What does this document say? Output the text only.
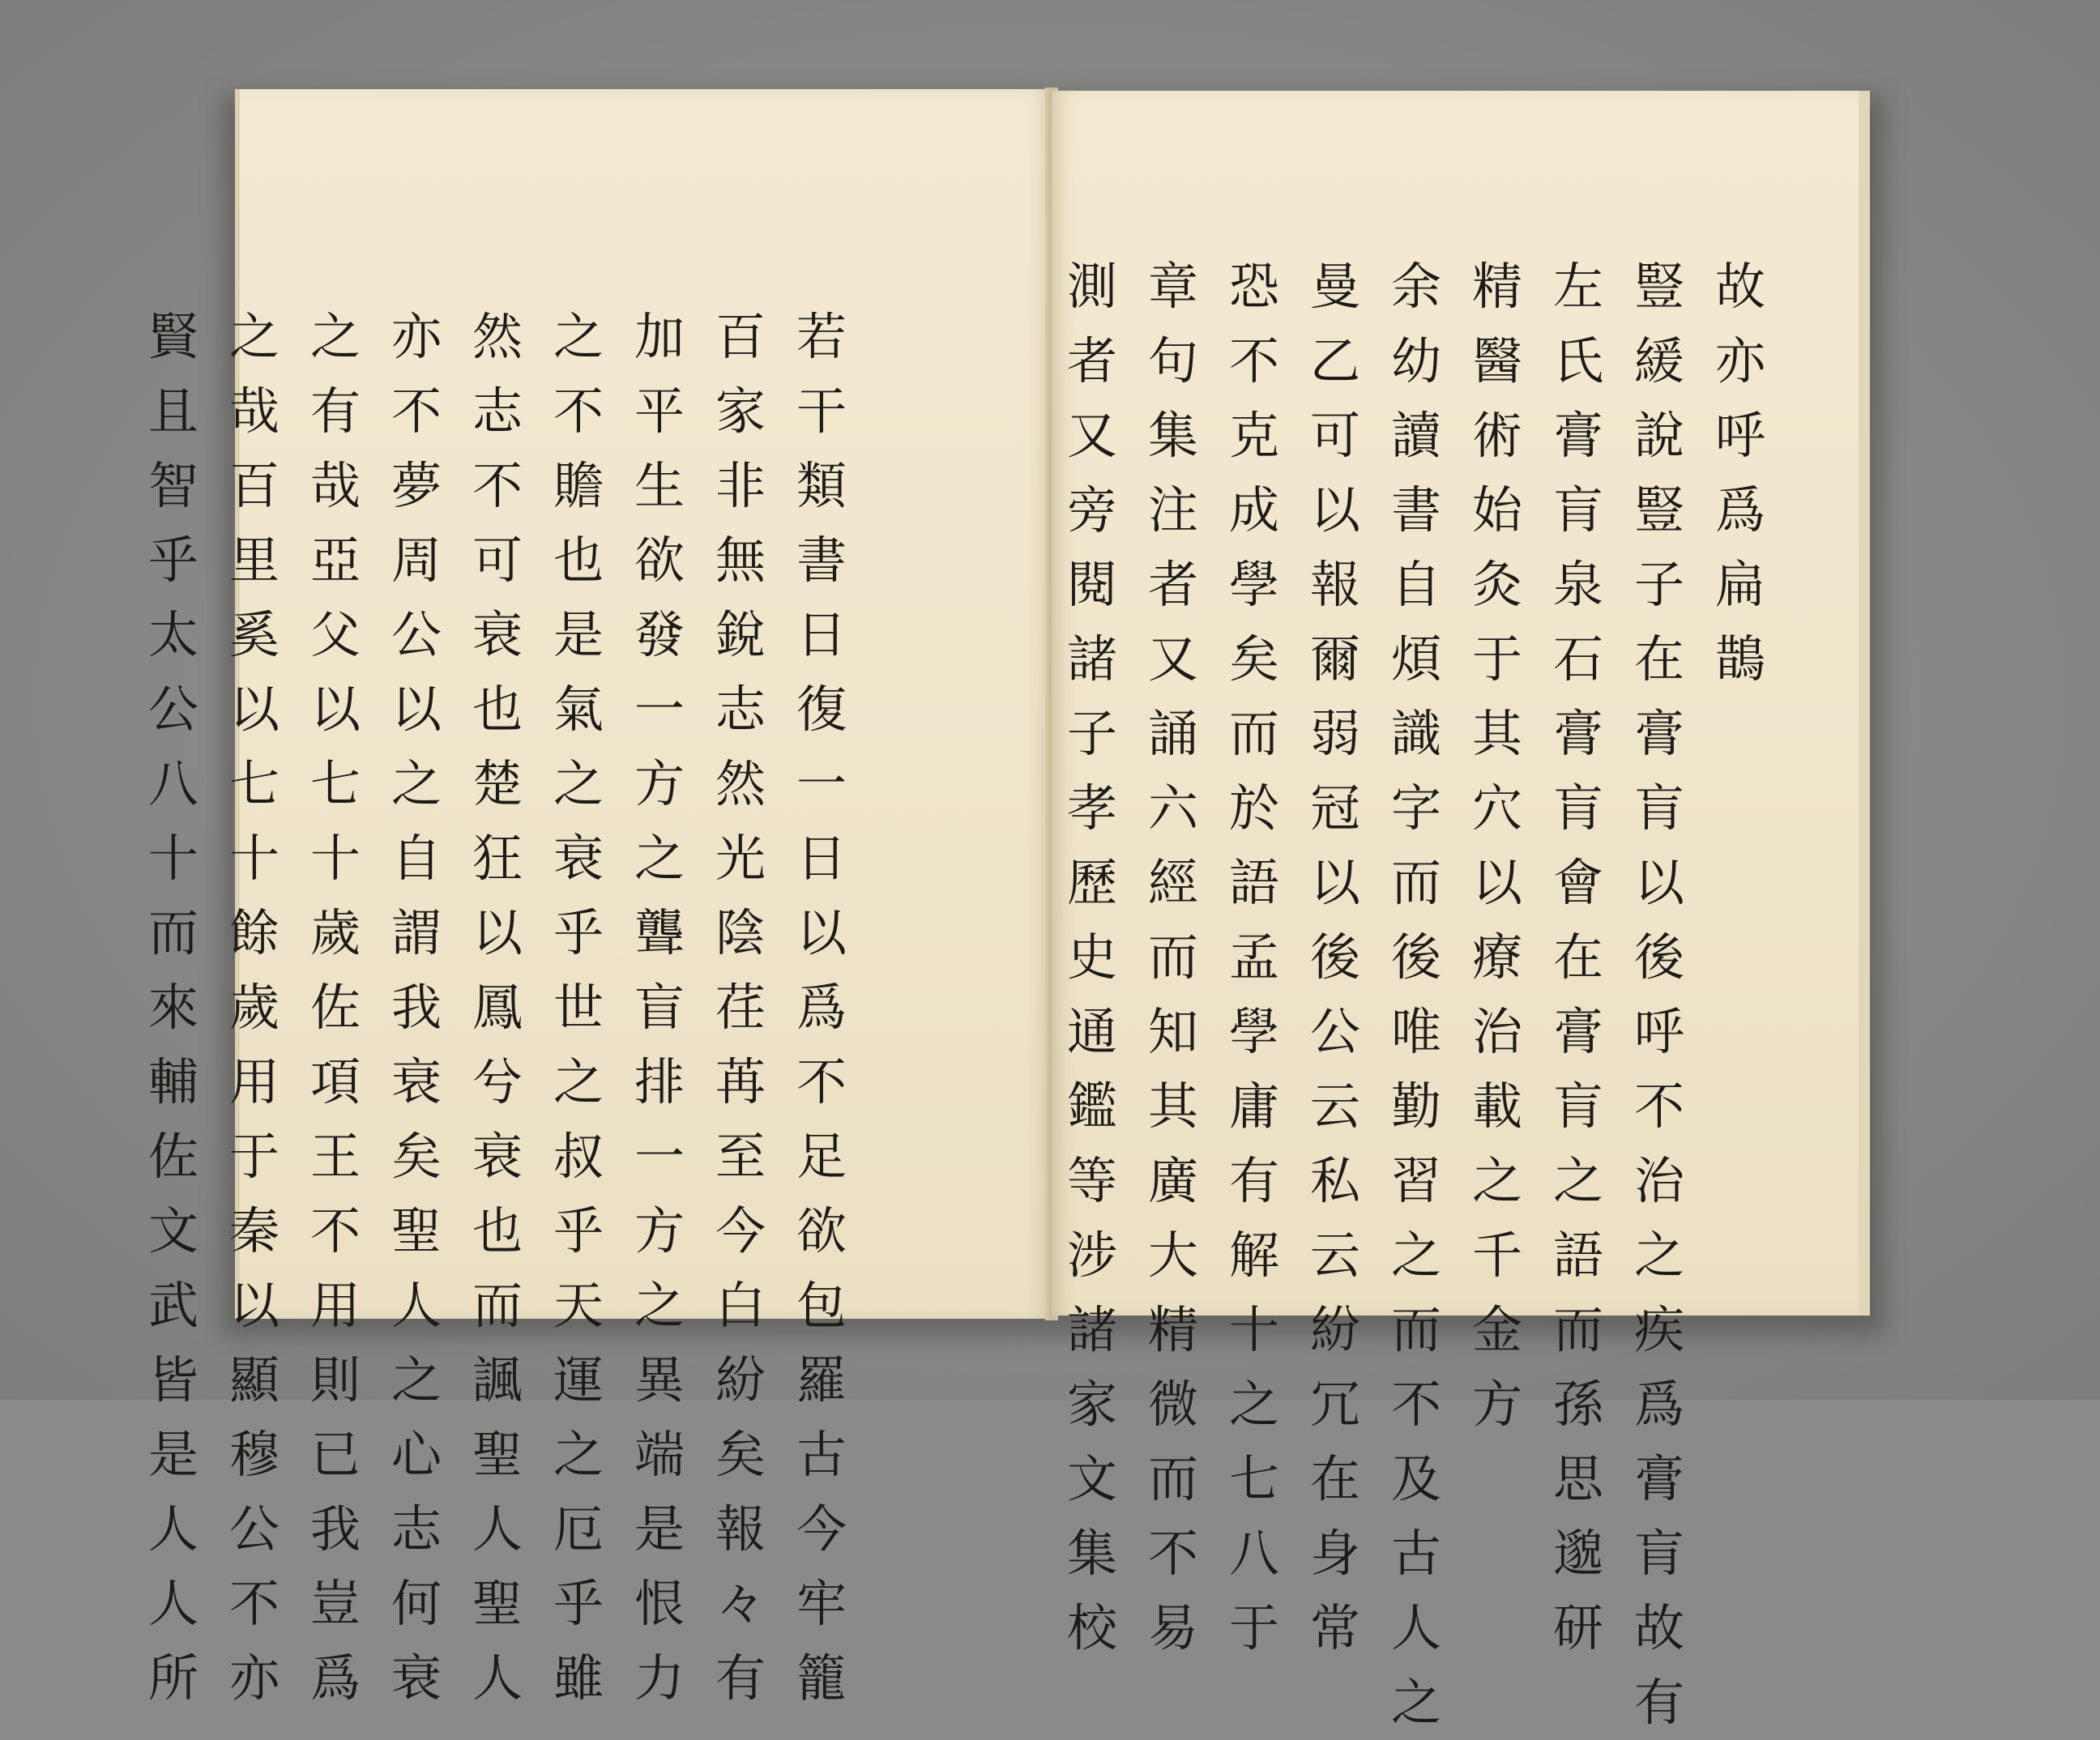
若
干
類
書
日
復
一
日
以
爲
不
足
欲
包
羅
古
今
牢
籠
百
家
非
無
銳
志
然
光
陰
荏
苒
至
今
白
紛
矣
報
々
有
加
平
生
欲
發
一
方
之
聾
盲
排
一
方
之
異
端
是
恨
力
之
不
贍
也
是
氣
之
衰
乎
世
之
叔
乎
天
運
之
厄
乎
雖
然
志
不
可
衰
也
楚
狂
以
鳳
兮
衰
也
而
諷
聖
人
聖
人
亦
不
夢
周
公
以
之
自
謂
我
衰
矣
聖
人
之
心
志
何
衰
之
有
哉
亞
父
以
七
十
歲
佐
項
王
不
用
則
已
我
豈
爲
之
哉
百
里
奚
以
七
十
餘
歲
用
于
秦
以
顯
穆
公
不
亦
賢
且
智
乎
太
公
八
十
而
來
輔
佐
文
武
皆
是
人
人
所
故
亦
呼
爲
扁
鵲
豎
緩
說
豎
子
在
膏
肓
以
後
呼
不
治
之
疾
爲
膏
肓
故
有
左
氏
膏
肓
泉
石
膏
肓
會
在
膏
肓
之
語
而
孫
思
邈
研
精
醫
術
始
灸
于
其
穴
以
療
治
載
之
千
金
方
余
幼
讀
書
自
煩
識
字
而
後
唯
勤
習
之
而
不
及
古
人
之
曼
乙
可
以
報
爾
弱
冠
以
後
公
云
私
云
紛
冗
在
身
常
恐
不
克
成
學
矣
而
於
語
孟
學
庸
有
解
十
之
七
八
于
章
句
集
注
者
又
誦
六
經
而
知
其
廣
大
精
微
而
不
易
測
者
又
旁
閱
諸
子
孝
歷
史
通
鑑
等
涉
諸
家
文
集
校
